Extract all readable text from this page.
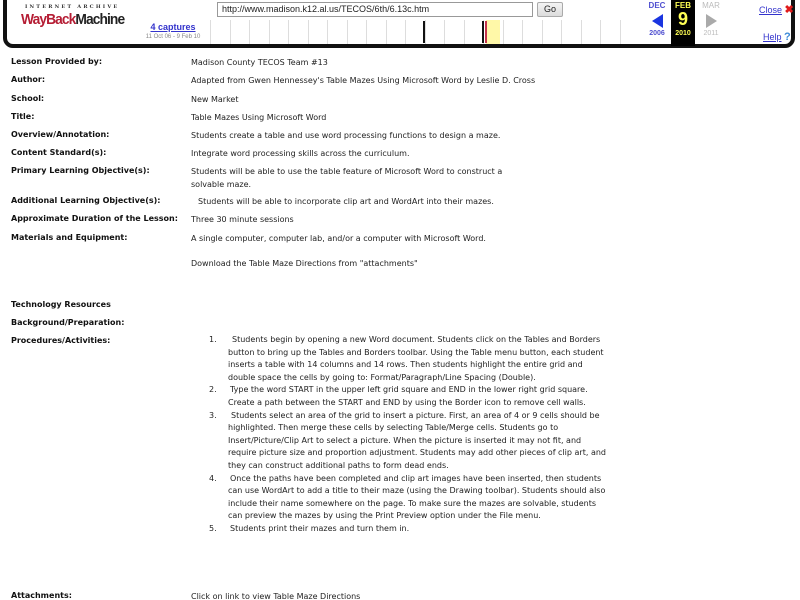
Lesson Provided by:	Madison County TECOS Team #13
Author:	Adapted from Gwen Hennessey's Table Mazes Using Microsoft Word by Leslie D. Cross
School:	New Market
Title:	Table Mazes Using Microsoft Word
Overview/Annotation:	Students create a table and use word processing functions to design a maze.
Content Standard(s):	Integrate word processing skills across the curriculum.
Primary Learning Objective(s):	Students will be able to use the table feature of Microsoft Word to construct a solvable maze.
Additional Learning Objective(s):	Students will be able to incorporate clip art and WordArt into their mazes.
Approximate Duration of the Lesson: Three 30 minute sessions
Materials and Equipment:	A single computer, computer lab, and/or a computer with Microsoft Word.
Download the Table Maze Directions from "attachments"
Technology Resources
Background/Preparation:
Procedures/Activities:	1.	Students begin by opening a new Word document. Students click on the Tables and Borders button to bring up the Tables and Borders toolbar. Using the Table menu button, each student inserts a table with 14 columns and 14 rows. Then students highlight the entire grid and double space the cells by going to: Format/Paragraph/Line Spacing (Double).
2. Type the word START in the upper left grid square and END in the lower right grid square. Create a path between the START and END by using the Border icon to remove cell walls.
3.	Students select an area of the grid to insert a picture. First, an area of 4 or 9 cells should be highlighted. Then merge these cells by selecting Table/Merge cells. Students go to Insert/Picture/Clip Art to select a picture. When the picture is inserted it may not fit, and require picture size and proportion adjustment. Students may add other pieces of clip art, and they can construct additional paths to form dead ends.
4. Once the paths have been completed and clip art images have been inserted, then students can use WordArt to add a title to their maze (using the Drawing toolbar). Students should also include their name somewhere on the page. To make sure the mazes are solvable, students can preview the mazes by using the Print Preview option under the File menu.
5. Students print their mazes and turn them in.
Attachments:	Click on link to view Table Maze Directions
INTERNET ARCHIVE
WayBackMachine
http://www.madison.k12.al.us/TECOS/6th/6.13c.htm	Go
4 captures
11 Oct 06 - 9 Feb 10
DEC
2006
FEB
9
2010
MAR
2011
Close ✖
Help ?
